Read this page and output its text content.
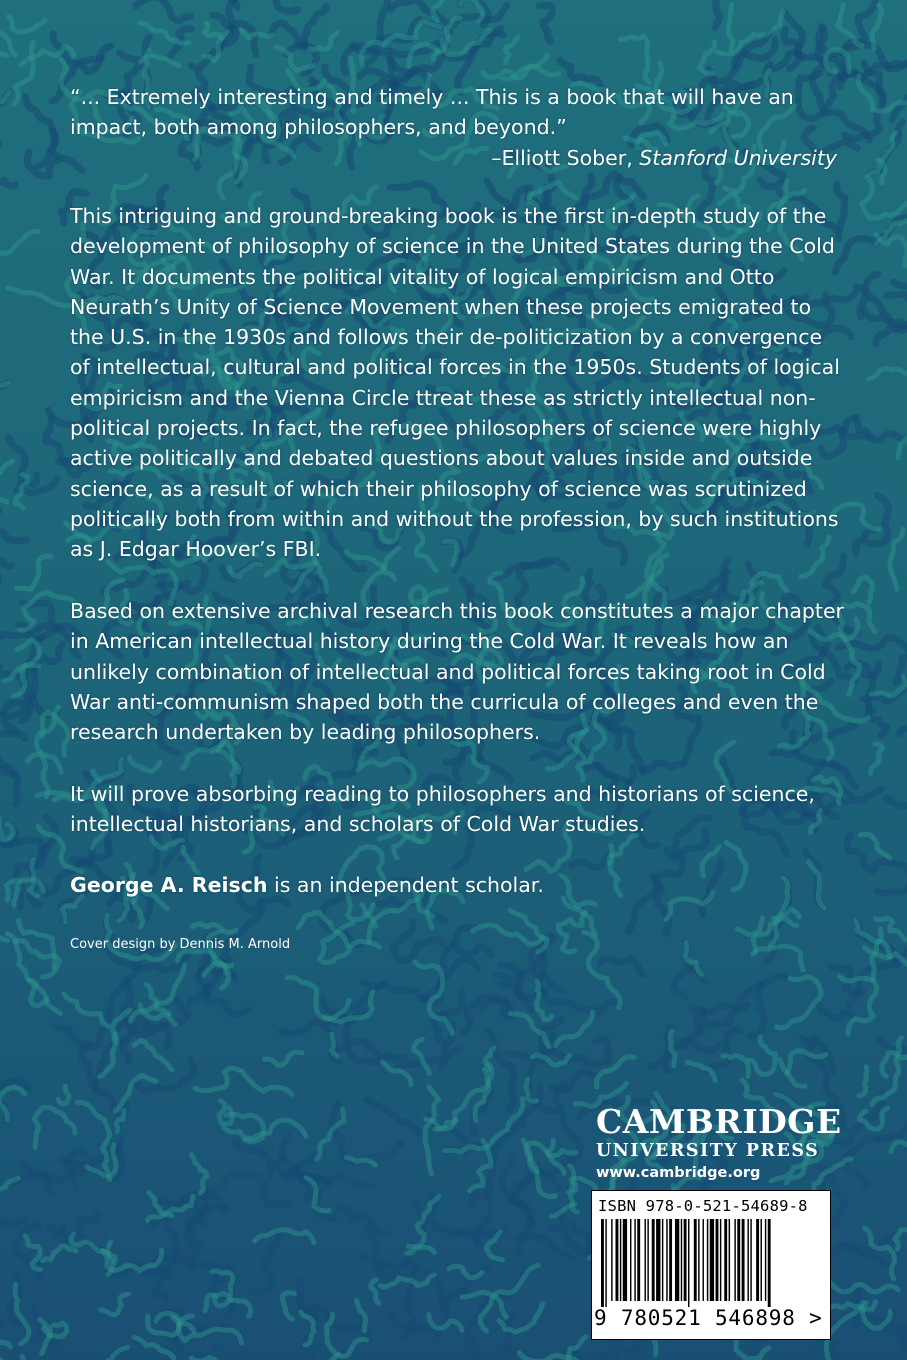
“... Extremely interesting and timely ... This is a book that will have an impact, both among philosophers, and beyond.”
–Elliott Sober, Stanford University
This intriguing and ground-breaking book is the first in-depth study of the development of philosophy of science in the United States during the Cold War. It documents the political vitality of logical empiricism and Otto Neurath’s Unity of Science Movement when these projects emigrated to the U.S. in the 1930s and follows their de-politicization by a convergence of intellectual, cultural and political forces in the 1950s. Students of logical empiricism and the Vienna Circle ttreat these as strictly intellectual non-political projects. In fact, the refugee philosophers of science were highly active politically and debated questions about values inside and outside science, as a result of which their philosophy of science was scrutinized politically both from within and without the profession, by such institutions as J. Edgar Hoover’s FBI.
Based on extensive archival research this book constitutes a major chapter in American intellectual history during the Cold War. It reveals how an unlikely combination of intellectual and political forces taking root in Cold War anti-communism shaped both the curricula of colleges and even the research undertaken by leading philosophers.
It will prove absorbing reading to philosophers and historians of science, intellectual historians, and scholars of Cold War studies.
George A. Reisch is an independent scholar.
Cover design by Dennis M. Arnold
CAMBRIDGE
UNIVERSITY PRESS
www.cambridge.org
ISBN 978-0-521-54689-8
9 780521 546898 >
